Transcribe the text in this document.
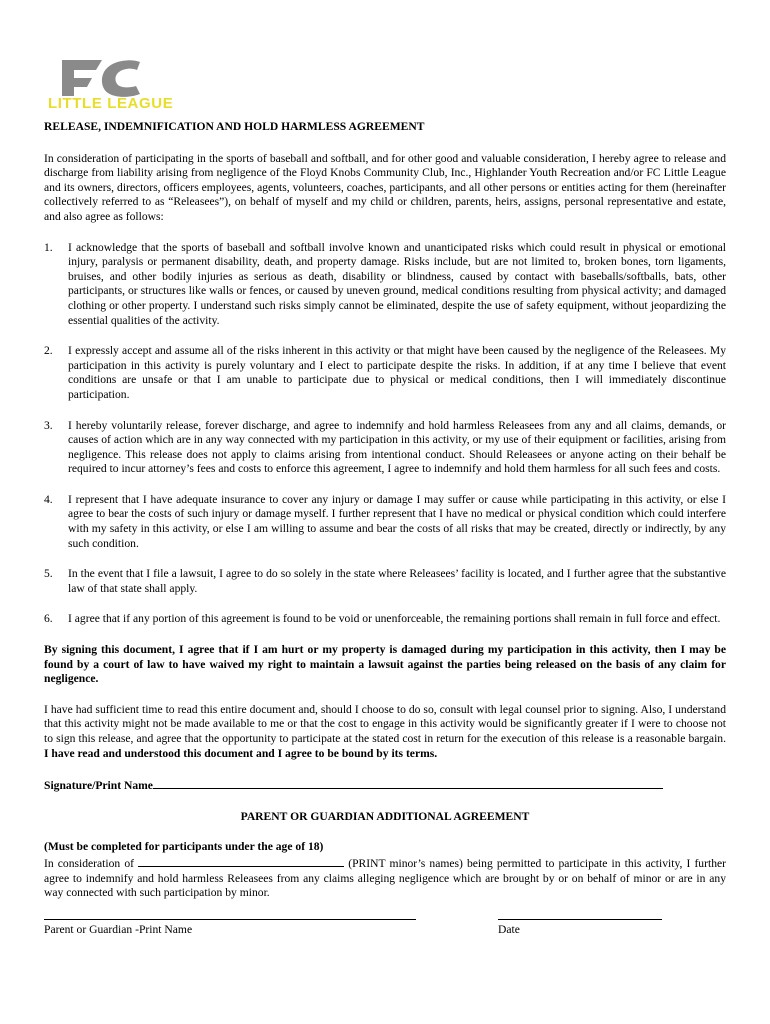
LITTLE LEAGUE
RELEASE, INDEMNIFICATION AND HOLD HARMLESS AGREEMENT
In consideration of participating in the sports of baseball and softball, and for other good and valuable consideration, I hereby agree to release and discharge from liability arising from negligence of the Floyd Knobs Community Club, Inc., Highlander Youth Recreation and/or FC Little League and its owners, directors, officers employees, agents, volunteers, coaches, participants, and all other persons or entities acting for them (hereinafter collectively referred to as “Releasees”), on behalf of myself and my child or children, parents, heirs, assigns, personal representative and estate, and also agree as follows:
1.	I acknowledge that the sports of baseball and softball involve known and unanticipated risks which could result in physical or emotional injury, paralysis or permanent disability, death, and property damage. Risks include, but are not limited to, broken bones, torn ligaments, bruises, and other bodily injuries as serious as death, disability or blindness, caused by contact with baseballs/softballs, bats, other participants, or structures like walls or fences, or caused by uneven ground, medical conditions resulting from physical activity; and damaged clothing or other property. I understand such risks simply cannot be eliminated, despite the use of safety equipment, without jeopardizing the essential qualities of the activity.
2.	I expressly accept and assume all of the risks inherent in this activity or that might have been caused by the negligence of the Releasees. My participation in this activity is purely voluntary and I elect to participate despite the risks. In addition, if at any time I believe that event conditions are unsafe or that I am unable to participate due to physical or medical conditions, then I will immediately discontinue participation.
3.	I hereby voluntarily release, forever discharge, and agree to indemnify and hold harmless Releasees from any and all claims, demands, or causes of action which are in any way connected with my participation in this activity, or my use of their equipment or facilities, arising from negligence. This release does not apply to claims arising from intentional conduct. Should Releasees or anyone acting on their behalf be required to incur attorney’s fees and costs to enforce this agreement, I agree to indemnify and hold them harmless for all such fees and costs.
4.	I represent that I have adequate insurance to cover any injury or damage I may suffer or cause while participating in this activity, or else I agree to bear the costs of such injury or damage myself. I further represent that I have no medical or physical condition which could interfere with my safety in this activity, or else I am willing to assume and bear the costs of all risks that may be created, directly or indirectly, by any such condition.
5.	In the event that I file a lawsuit, I agree to do so solely in the state where Releasees’ facility is located, and I further agree that the substantive law of that state shall apply.
6.	I agree that if any portion of this agreement is found to be void or unenforceable, the remaining portions shall remain in full force and effect.
By signing this document, I agree that if I am hurt or my property is damaged during my participation in this activity, then I may be found by a court of law to have waived my right to maintain a lawsuit against the parties being released on the basis of any claim for negligence.
I have had sufficient time to read this entire document and, should I choose to do so, consult with legal counsel prior to signing. Also, I understand that this activity might not be made available to me or that the cost to engage in this activity would be significantly greater if I were to choose not to sign this release, and agree that the opportunity to participate at the stated cost in return for the execution of this release is a reasonable bargain. I have read and understood this document and I agree to be bound by its terms.
Signature/Print Name
PARENT OR GUARDIAN ADDITIONAL AGREEMENT
(Must be completed for participants under the age of 18)
In consideration of	(PRINT minor’s names) being permitted to participate in this activity, I further agree to indemnify and hold harmless Releasees from any claims alleging negligence which are brought by or on behalf of minor or are in any way connected with such participation by minor.
Parent or Guardian -Print Name	Date
